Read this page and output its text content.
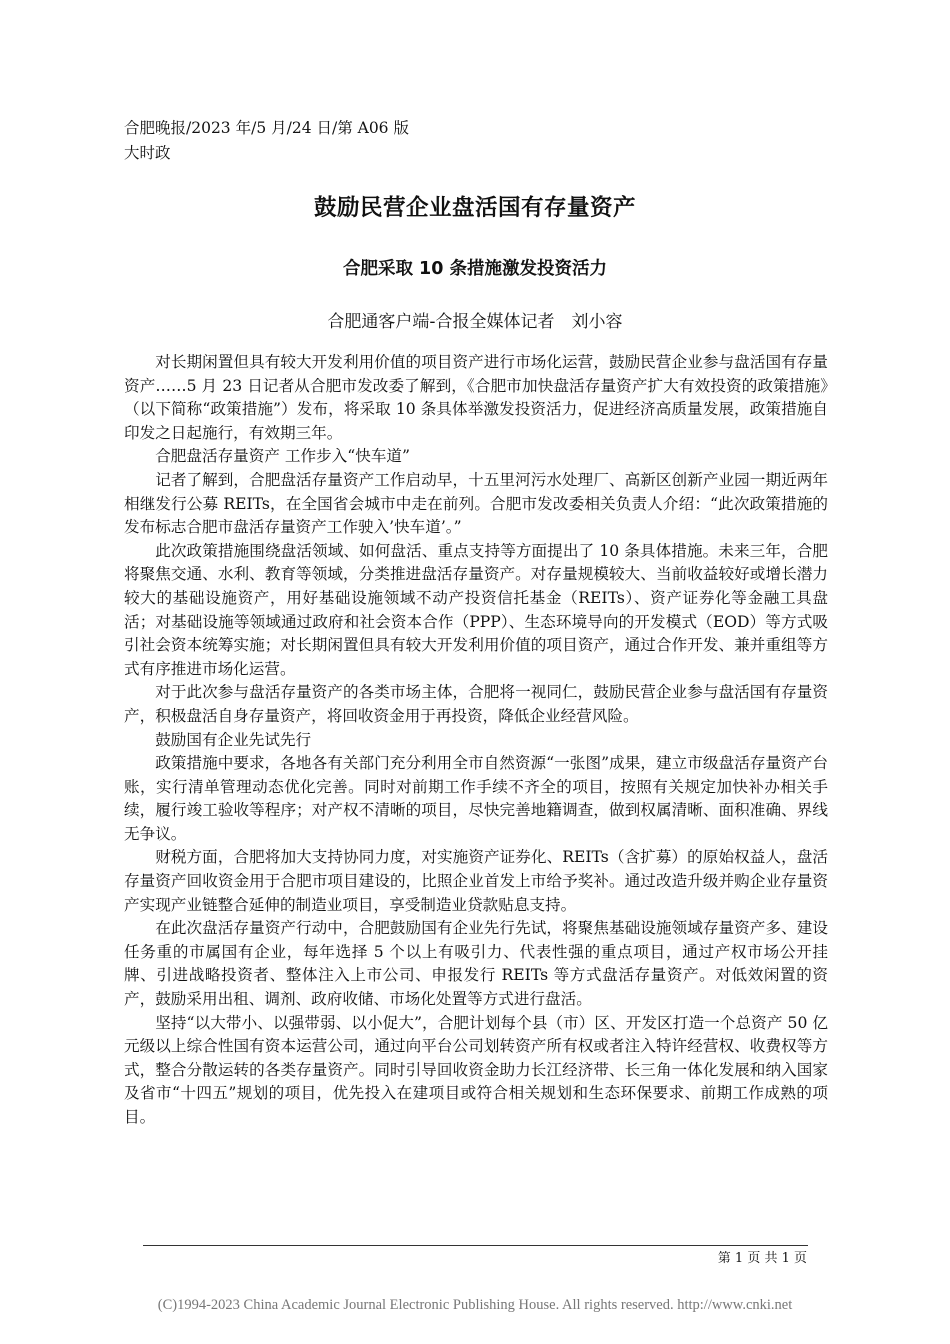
合肥晚报/2023 年/5 月/24 日/第 A06 版
大时政
鼓励民营企业盘活国有存量资产
合肥采取 10 条措施激发投资活力
合肥通客户端-合报全媒体记者　刘小容

对长期闲置但具有较大开发利用价值的项目资产进行市场化运营，鼓励民营企业参与盘活国有存量资产……5 月 23 日记者从合肥市发改委了解到，《合肥市加快盘活存量资产扩大有效投资的政策措施》（以下简称“政策措施”）发布，将采取 10 条具体举激发投资活力，促进经济高质量发展，政策措施自印发之日起施行，有效期三年。

合肥盘活存量资产 工作步入“快车道”

记者了解到，合肥盘活存量资产工作启动早，十五里河污水处理厂、高新区创新产业园一期近两年相继发行公募 REITs，在全国省会城市中走在前列。合肥市发改委相关负责人介绍：“此次政策措施的发布标志合肥市盘活存量资产工作驶入’快车道’。”

此次政策措施围绕盘活领域、如何盘活、重点支持等方面提出了 10 条具体措施。未来三年，合肥将聚焦交通、水利、教育等领域，分类推进盘活存量资产。对存量规模较大、当前收益较好或增长潜力较大的基础设施资产，用好基础设施领域不动产投资信托基金（REITs）、资产证券化等金融工具盘活；对基础设施等领域通过政府和社会资本合作（PPP）、生态环境导向的开发模式（EOD）等方式吸引社会资本统筹实施；对长期闲置但具有较大开发利用价值的项目资产，通过合作开发、兼并重组等方式有序推进市场化运营。

对于此次参与盘活存量资产的各类市场主体，合肥将一视同仁，鼓励民营企业参与盘活国有存量资产，积极盘活自身存量资产，将回收资金用于再投资，降低企业经营风险。

鼓励国有企业先试先行

政策措施中要求，各地各有关部门充分利用全市自然资源“一张图”成果，建立市级盘活存量资产台账，实行清单管理动态优化完善。同时对前期工作手续不齐全的项目，按照有关规定加快补办相关手续，履行竣工验收等程序；对产权不清晰的项目，尽快完善地籍调查，做到权属清晰、面积准确、界线无争议。

财税方面，合肥将加大支持协同力度，对实施资产证券化、REITs（含扩募）的原始权益人，盘活存量资产回收资金用于合肥市项目建设的，比照企业首发上市给予奖补。通过改造升级并购企业存量资产实现产业链整合延伸的制造业项目，享受制造业贷款贴息支持。

在此次盘活存量资产行动中，合肥鼓励国有企业先行先试，将聚焦基础设施领域存量资产多、建设任务重的市属国有企业，每年选择 5 个以上有吸引力、代表性强的重点项目，通过产权市场公开挂牌、引进战略投资者、整体注入上市公司、申报发行 REITs 等方式盘活存量资产。对低效闲置的资产，鼓励采用出租、调剂、政府收储、市场化处置等方式进行盘活。

坚持“以大带小、以强带弱、以小促大”，合肥计划每个县（市）区、开发区打造一个总资产 50 亿元级以上综合性国有资本运营公司，通过向平台公司划转资产所有权或者注入特许经营权、收费权等方式，整合分散运转的各类存量资产。同时引导回收资金助力长江经济带、长三角一体化发展和纳入国家及省市“十四五”规划的项目，优先投入在建项目或符合相关规划和生态环保要求、前期工作成熟的项目。

第 1 页 共 1 页
(C)1994-2023 China Academic Journal Electronic Publishing House. All rights reserved. http://www.cnki.net
